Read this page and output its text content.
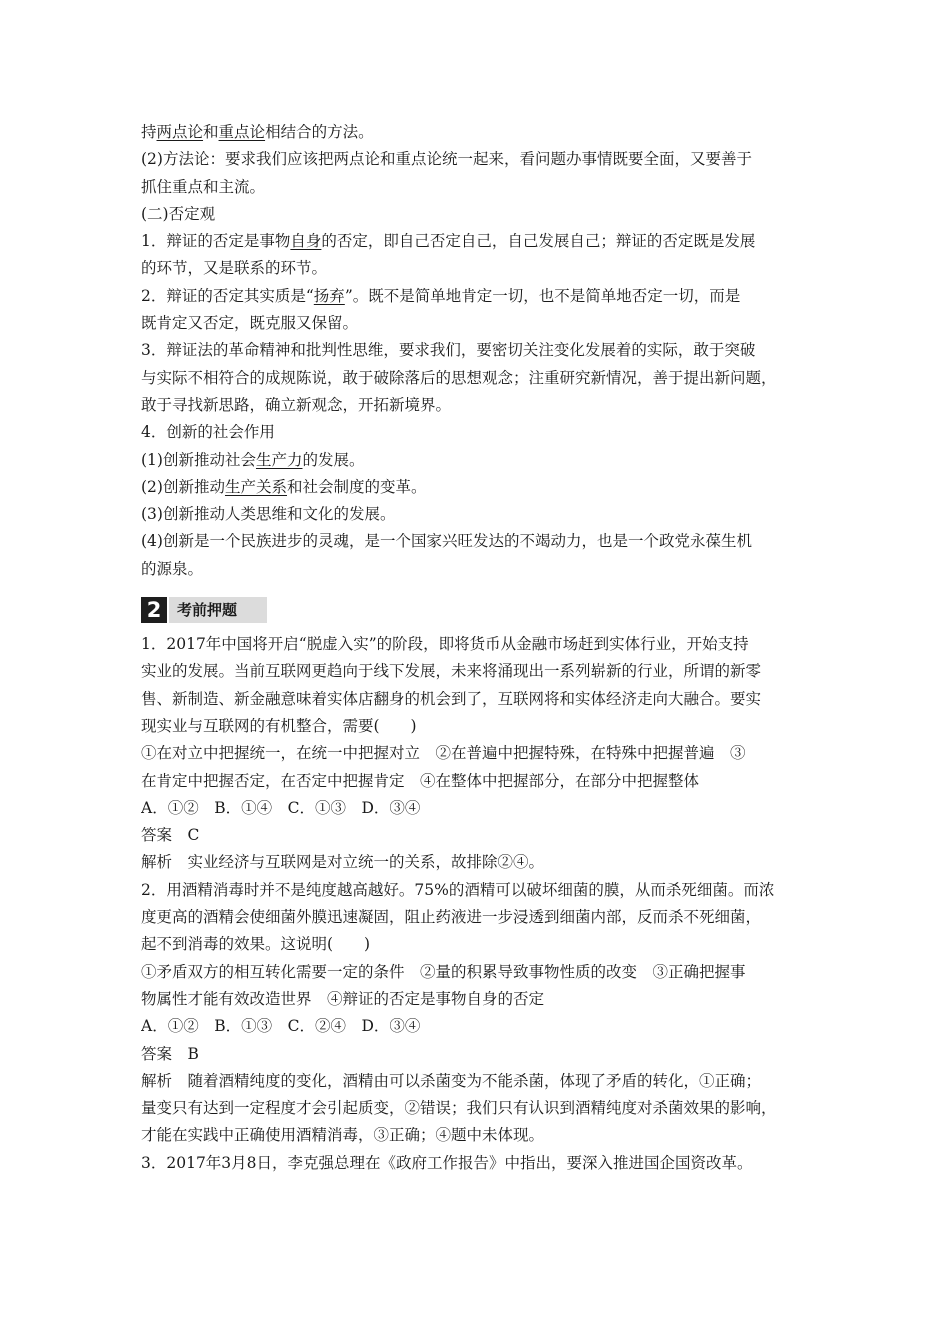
持两点论和重点论相结合的方法。
(2)方法论：要求我们应该把两点论和重点论统一起来，看问题办事情既要全面，又要善于
抓住重点和主流。
(二)否定观
1．辩证的否定是事物自身的否定，即自己否定自己，自己发展自己；辩证的否定既是发展
的环节，又是联系的环节。
2．辩证的否定其实质是“扬弃”。既不是简单地肯定一切，也不是简单地否定一切，而是
既肯定又否定，既克服又保留。
3．辩证法的革命精神和批判性思维，要求我们，要密切关注变化发展着的实际，敢于突破
与实际不相符合的成规陈说，敢于破除落后的思想观念；注重研究新情况，善于提出新问题，
敢于寻找新思路，确立新观念，开拓新境界。
4．创新的社会作用
(1)创新推动社会生产力的发展。
(2)创新推动生产关系和社会制度的变革。
(3)创新推动人类思维和文化的发展。
(4)创新是一个民族进步的灵魂，是一个国家兴旺发达的不竭动力，也是一个政党永葆生机
的源泉。
2	考前押题
1．2017年中国将开启“脱虚入实”的阶段，即将货币从金融市场赶到实体行业，开始支持
实业的发展。当前互联网更趋向于线下发展，未来将涌现出一系列崭新的行业，所谓的新零
售、新制造、新金融意味着实体店翻身的机会到了，互联网将和实体经济走向大融合。要实
现实业与互联网的有机整合，需要(　　)
①在对立中把握统一，在统一中把握对立　②在普遍中把握特殊，在特殊中把握普遍　③
在肯定中把握否定，在否定中把握肯定　④在整体中把握部分，在部分中把握整体
A．①②　B．①④　C．①③　D．③④
答案　C
解析　实业经济与互联网是对立统一的关系，故排除②④。
2．用酒精消毒时并不是纯度越高越好。75%的酒精可以破坏细菌的膜，从而杀死细菌。而浓
度更高的酒精会使细菌外膜迅速凝固，阻止药液进一步浸透到细菌内部，反而杀不死细菌，
起不到消毒的效果。这说明(　　)
①矛盾双方的相互转化需要一定的条件　②量的积累导致事物性质的改变　③正确把握事
物属性才能有效改造世界　④辩证的否定是事物自身的否定
A．①②　B．①③　C．②④　D．③④
答案　B
解析　随着酒精纯度的变化，酒精由可以杀菌变为不能杀菌，体现了矛盾的转化，①正确；
量变只有达到一定程度才会引起质变，②错误；我们只有认识到酒精纯度对杀菌效果的影响，
才能在实践中正确使用酒精消毒，③正确；④题中未体现。
3．2017年3月8日，李克强总理在《政府工作报告》中指出，要深入推进国企国资改革。
